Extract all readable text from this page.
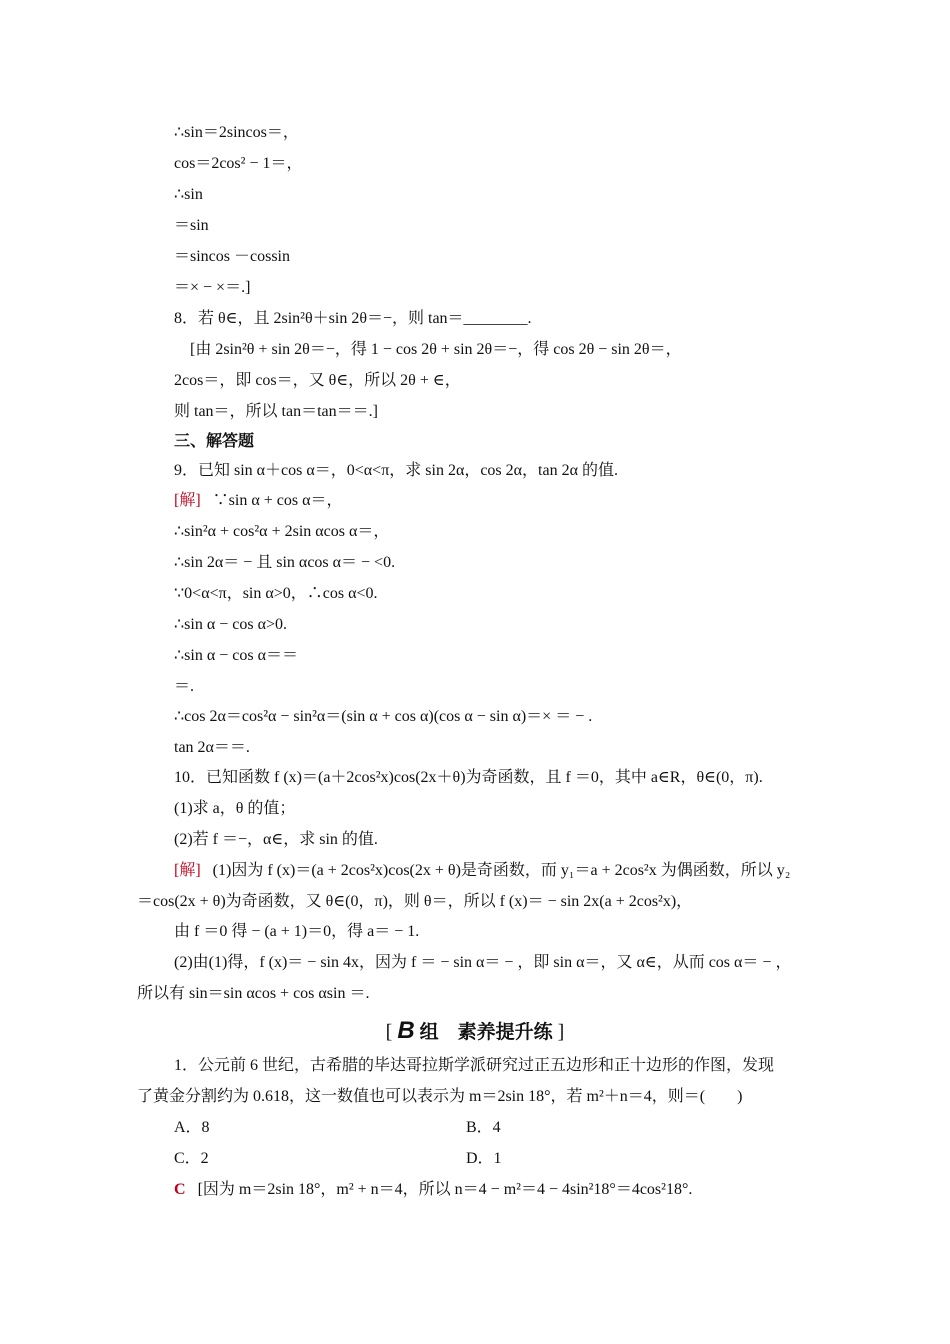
∴sin＝2sincos＝，
cos＝2cos² − 1＝，
∴sin
＝sin
＝sincos －cossin
＝× − ×＝.]
8．若 θ∈，且 2sin²θ＋sin 2θ＝−，则 tan＝________.
[由 2sin²θ + sin 2θ＝−，得 1 − cos 2θ + sin 2θ＝−，得 cos 2θ − sin 2θ＝，
2cos＝，即 cos＝，又 θ∈，所以 2θ + ∈，
则 tan＝，所以 tan＝tan＝＝.]
三、解答题
9．已知 sin α＋cos α＝，0<α<π，求 sin 2α，cos 2α，tan 2α 的值.
[解] ∵sin α + cos α＝，
∴sin²α + cos²α + 2sin αcos α＝，
∴sin 2α＝ − 且 sin αcos α＝ − <0.
∵0<α<π，sin α>0，∴cos α<0.
∴sin α − cos α>0.
∴sin α − cos α＝＝
＝.
∴cos 2α＝cos²α − sin²α＝(sin α + cos α)(cos α − sin α)＝× ＝ − .
tan 2α＝＝.
10．已知函数 f (x)＝(a＋2cos²x)cos(2x＋θ)为奇函数，且 f ＝0，其中 a∈R，θ∈(0，π).
(1)求 a，θ 的值；
(2)若 f ＝−，α∈，求 sin 的值.
[解] (1)因为 f (x)＝(a + 2cos²x)cos(2x + θ)是奇函数，而 y₁＝a + 2cos²x 为偶函数，所以 y₂
＝cos(2x + θ)为奇函数，又 θ∈(0，π)，则 θ＝，所以 f (x)＝ − sin 2x(a + 2cos²x)，
由 f ＝0 得 − (a + 1)＝0，得 a＝ − 1.
(2)由(1)得，f (x)＝ − sin 4x，因为 f ＝ − sin α＝ − ，即 sin α＝，又 α∈，从而 cos α＝ − ，
所以有 sin＝sin αcos + cos αsin ＝.
[ B 组　素养提升练 ]
1．公元前 6 世纪，古希腊的毕达哥拉斯学派研究过正五边形和正十边形的作图，发现
了黄金分割约为 0.618，这一数值也可以表示为 m＝2sin 18°，若 m²＋n＝4，则＝(　　)
A．8	B．4
C．2	D．1
C [因为 m＝2sin 18°，m² + n＝4，所以 n＝4 − m²＝4 − 4sin²18°＝4cos²18°.
